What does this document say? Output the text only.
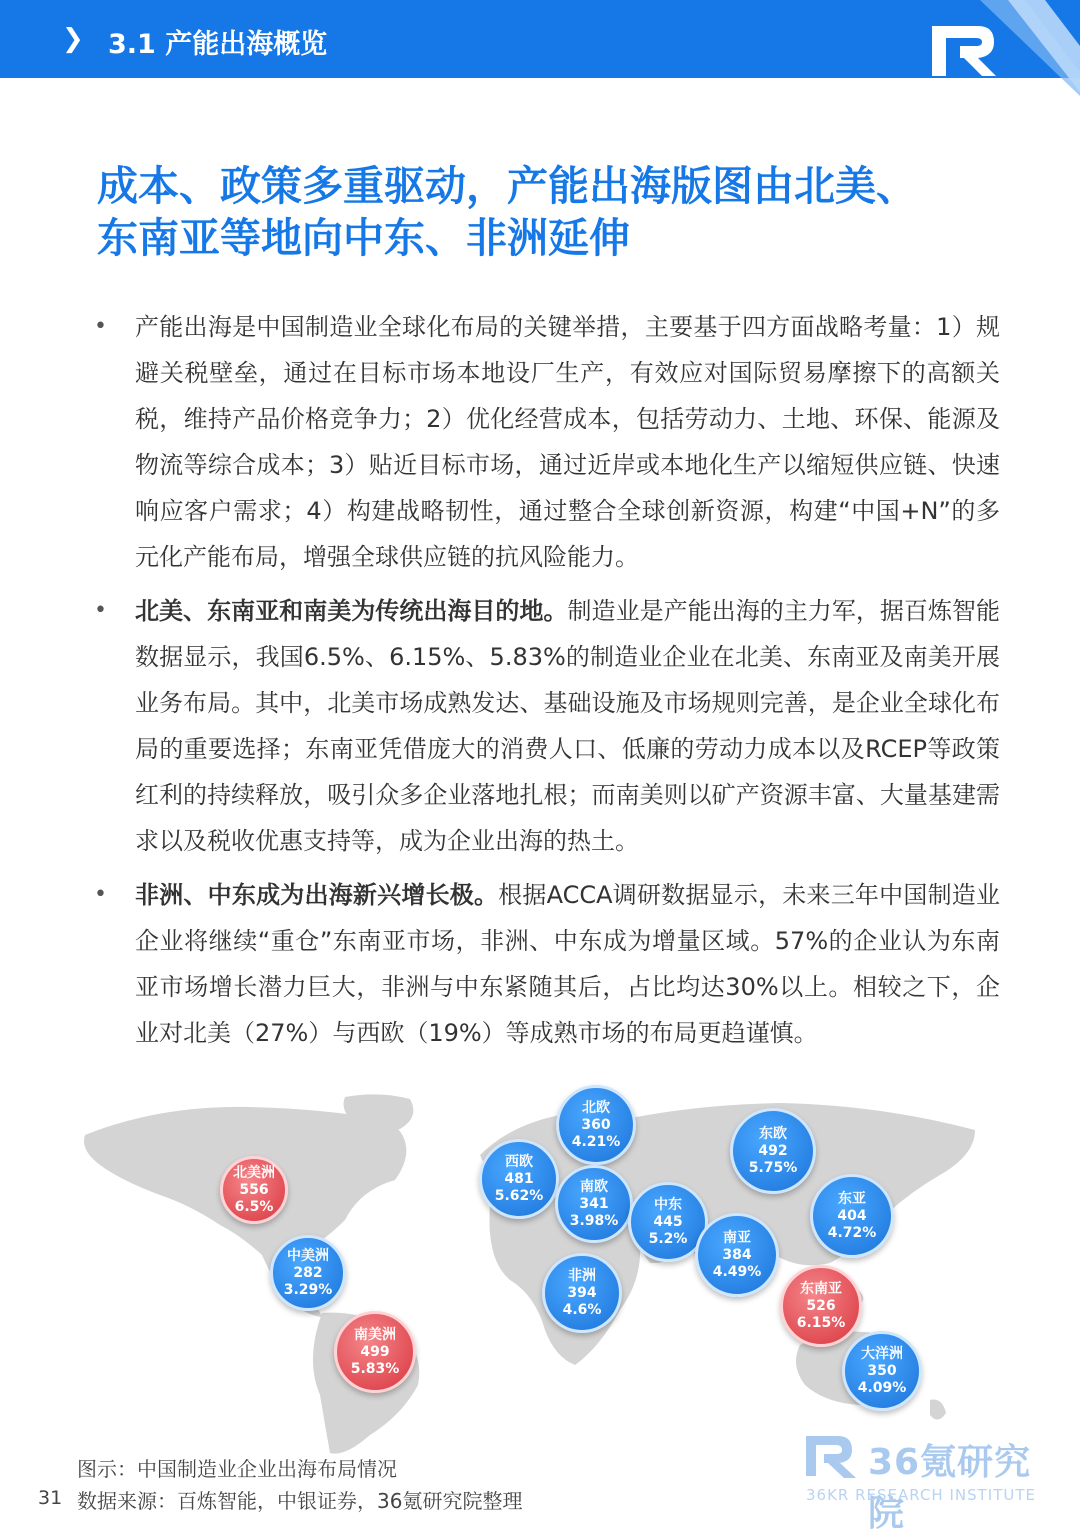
❯ 3.1 产能出海概览
成本、政策多重驱动，产能出海版图由北美、
东南亚等地向中东、非洲延伸
• 产能出海是中国制造业全球化布局的关键举措，主要基于四方面战略考量：1）规避关税壁垒，通过在目标市场本地设厂生产，有效应对国际贸易摩擦下的高额关税，维持产品价格竞争力；2）优化经营成本，包括劳动力、土地、环保、能源及物流等综合成本；3）贴近目标市场，通过近岸或本地化生产以缩短供应链、快速响应客户需求；4）构建战略韧性，通过整合全球创新资源，构建“中国+N”的多元化产能布局，增强全球供应链的抗风险能力。
• 北美、东南亚和南美为传统出海目的地。制造业是产能出海的主力军，据百炼智能数据显示，我国6.5%、6.15%、5.83%的制造业企业在北美、东南亚及南美开展业务布局。其中，北美市场成熟发达、基础设施及市场规则完善，是企业全球化布局的重要选择；东南亚凭借庞大的消费人口、低廉的劳动力成本以及RCEP等政策红利的持续释放，吸引众多企业落地扎根；而南美则以矿产资源丰富、大量基建需求以及税收优惠支持等，成为企业出海的热土。
• 非洲、中东成为出海新兴增长极。根据ACCA调研数据显示，未来三年中国制造业企业将继续“重仓”东南亚市场，非洲、中东成为增量区域。57%的企业认为东南亚市场增长潜力巨大，非洲与中东紧随其后，占比均达30%以上。相较之下，企业对北美（27%）与西欧（19%）等成熟市场的布局更趋谨慎。
北美洲
556
6.5%
中美洲
282
3.29%
南美洲
499
5.83%
北欧
360
4.21%
西欧
481
5.62%
南欧
341
3.98%
东欧
492
5.75%
中东
445
5.2%
非洲
394
4.6%
南亚
384
4.49%
东亚
404
4.72%
东南亚
526
6.15%
大洋洲
350
4.09%
图示：中国制造业企业出海布局情况
31 数据来源：百炼智能，中银证券，36氪研究院整理
36氪研究院
36KR RESEARCH INSTITUTE
